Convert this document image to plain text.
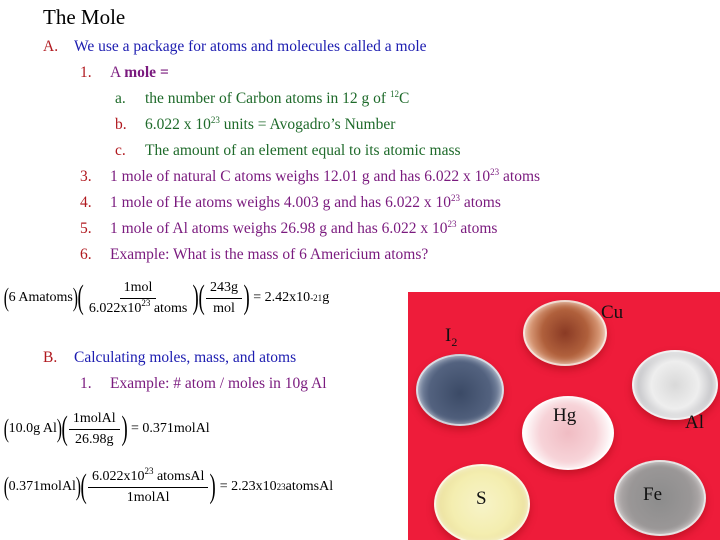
The Mole
A. We use a package for atoms and molecules called a mole
1. A mole =
a. the number of Carbon atoms in 12 g of $^{12}$C
b. 6.022 x $10^{23}$ units = Avogadro’s Number
c. The amount of an element equal to its atomic mass
3. 1 mole of natural C atoms weighs 12.01 g and has 6.022 x $10^{23}$ atoms
4. 1 mole of He atoms weighs 4.003 g and has 6.022 x $10^{23}$ atoms
5. 1 mole of Al atoms weighs 26.98 g and has 6.022 x $10^{23}$ atoms
6. Example: What is the mass of 6 Americium atoms?
( 6 Amatoms ) ( $\frac{\text{1mol}}{6.022x10^{23} atoms}$ ) ( $\frac{243g}{\text{mol}}$ ) = 2.42x10 -21 g
B. Calculating moles, mass, and atoms
1. Example: # atom / moles in 10g Al
( 10.0g Al ) ( $\frac{\text{1molAl}}{26.98g}$ ) = 0.371molAl
( 0.371molAl ) ( $\frac{6.022x10^{23} atomsAl}{\text{1molAl}}$ ) = 2.23x10 23 atomsAl
Cu
$I_2$
Hg	Al
S	Fe
